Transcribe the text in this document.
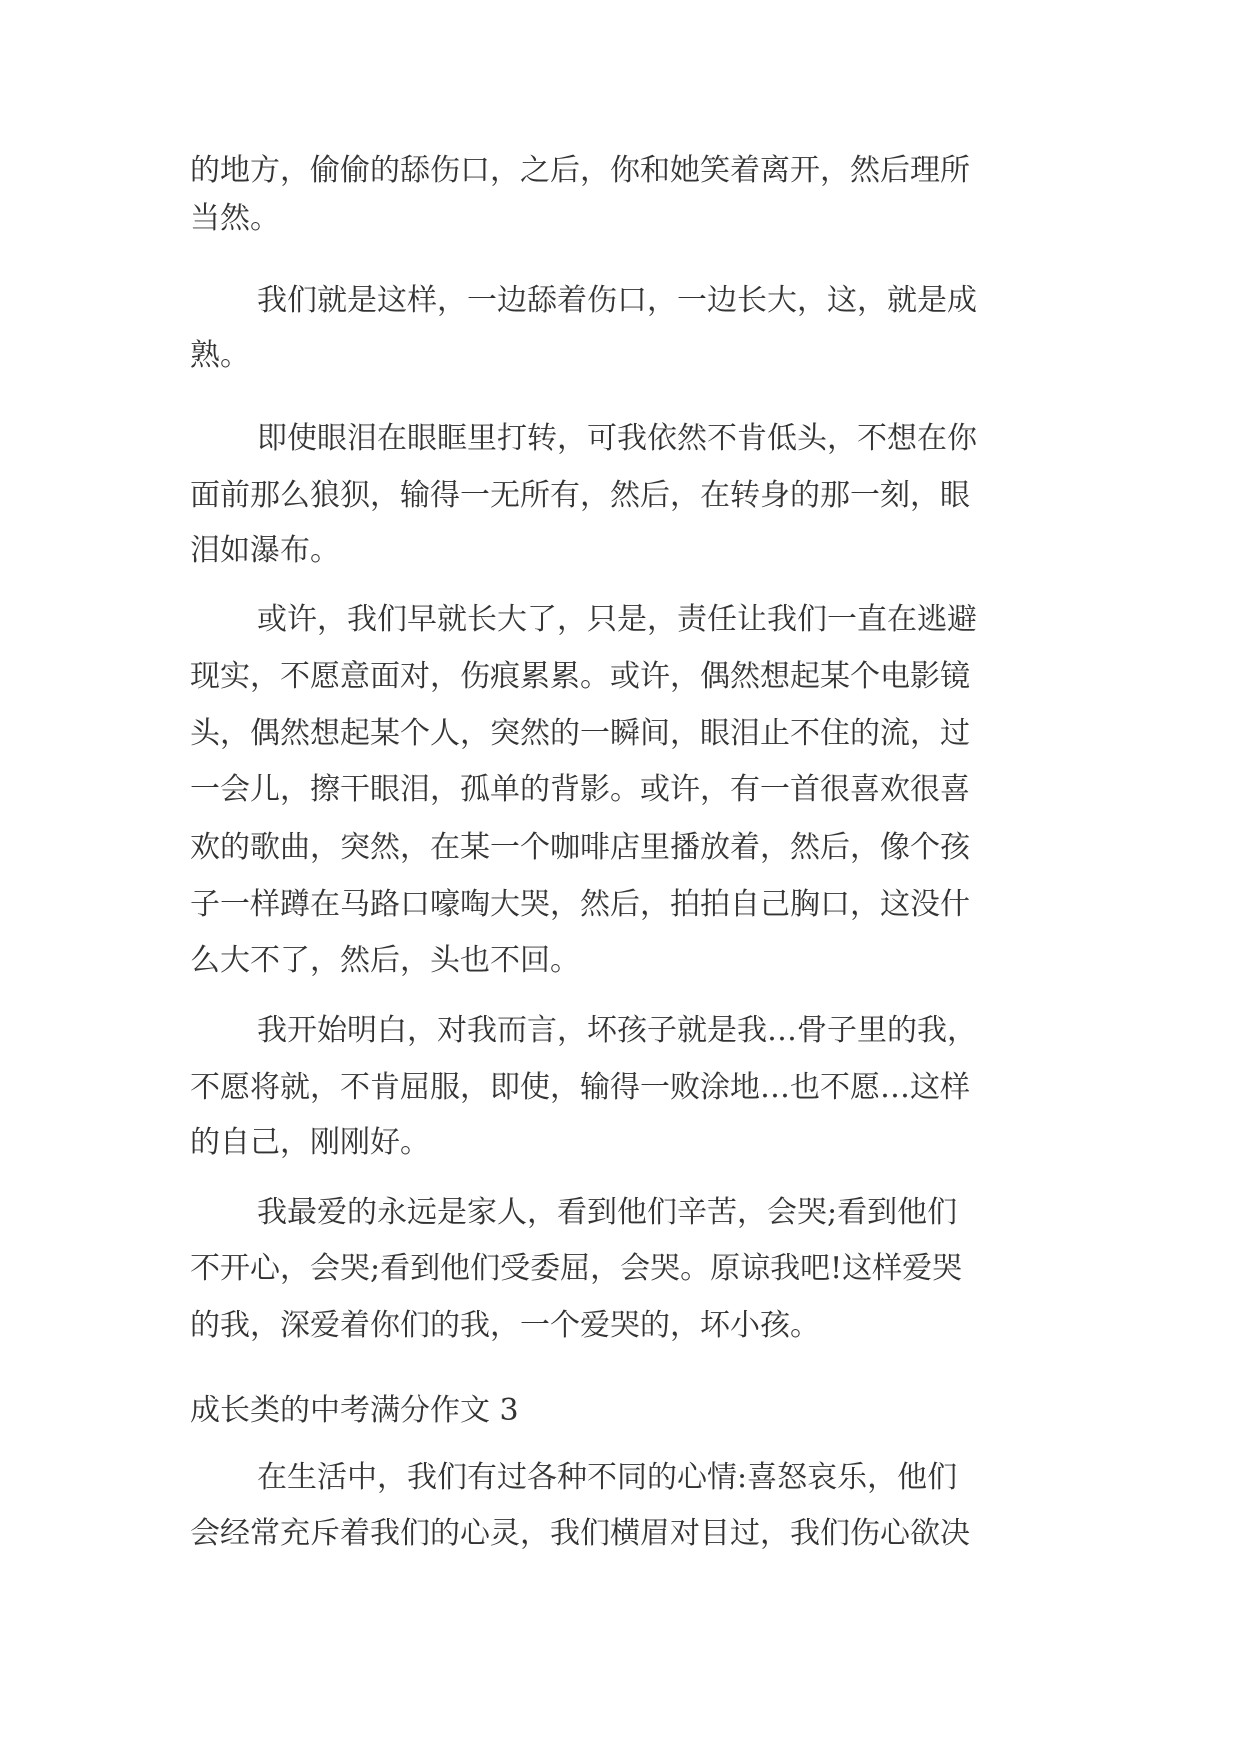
的地方，偷偷的舔伤口，之后，你和她笑着离开，然后理所
当然。
我们就是这样，一边舔着伤口，一边长大，这，就是成
熟。
即使眼泪在眼眶里打转，可我依然不肯低头，不想在你
面前那么狼狈，输得一无所有，然后，在转身的那一刻，眼
泪如瀑布。
或许，我们早就长大了，只是，责任让我们一直在逃避
现实，不愿意面对，伤痕累累。或许，偶然想起某个电影镜
头，偶然想起某个人，突然的一瞬间，眼泪止不住的流，过
一会儿，擦干眼泪，孤单的背影。或许，有一首很喜欢很喜
欢的歌曲，突然，在某一个咖啡店里播放着，然后，像个孩
子一样蹲在马路口嚎啕大哭，然后，拍拍自己胸口，这没什
么大不了，然后，头也不回。
我开始明白，对我而言，坏孩子就是我…骨子里的我，
不愿将就，不肯屈服，即使，输得一败涂地…也不愿…这样
的自己，刚刚好。
我最爱的永远是家人，看到他们辛苦，会哭;看到他们
不开心，会哭;看到他们受委屈，会哭。原谅我吧!这样爱哭
的我，深爱着你们的我，一个爱哭的，坏小孩。
成长类的中考满分作文 3
在生活中，我们有过各种不同的心情:喜怒哀乐，他们
会经常充斥着我们的心灵，我们横眉对目过，我们伤心欲决
